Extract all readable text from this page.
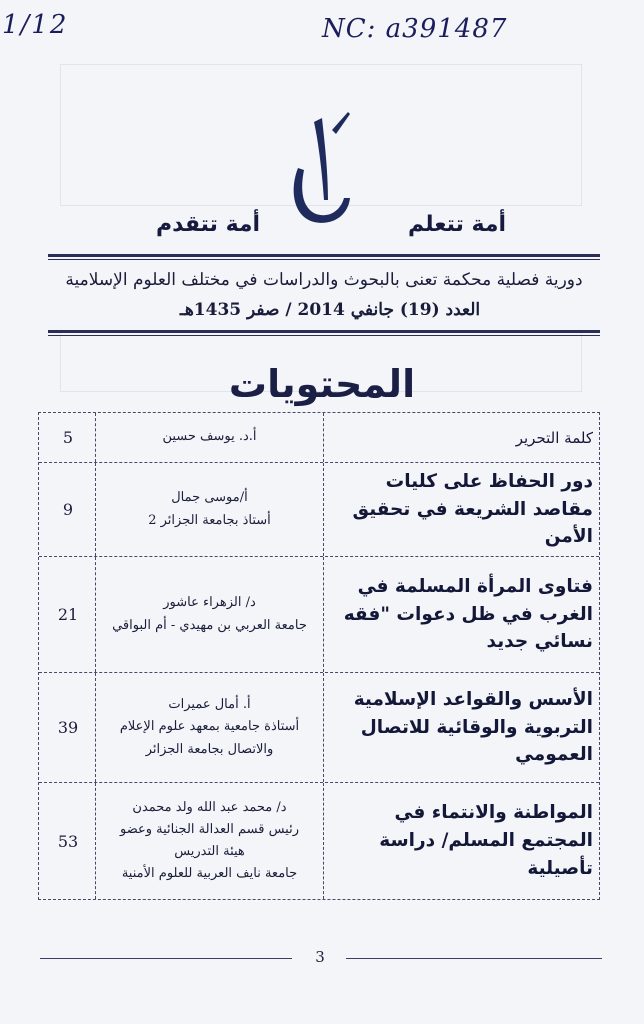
1/12	NC: a391487
أمة تتعلم
أمة تتقدم
دورية فصلية محكمة تعنى بالبحوث والدراسات في مختلف العلوم الإسلامية
العدد (19) جانفي 2014 / صفر 1435هـ
المحتويات
كلمة التحرير
أ.د. يوسف حسين
5
دور الحفاظ على كليات مقاصد الشريعة في تحقيق الأمن
أ/موسى جمال
أستاذ بجامعة الجزائر 2
9
فتاوى المرأة المسلمة في الغرب في ظل دعوات "فقه نسائي جديد
د/ الزهراء عاشور
جامعة العربي بن مهيدي - أم البواقي
21
الأسس والقواعد الإسلامية التربوية والوقائية للاتصال العمومي
أ. أمال عميرات
أستاذة جامعية بمعهد علوم الإعلام
والاتصال بجامعة الجزائر
39
المواطنة والانتماء في المجتمع المسلم/ دراسة تأصيلية
د/ محمد عبد الله ولد محمدن
رئيس قسم العدالة الجنائية وعضو
هيئة التدريس
جامعة نايف العربية للعلوم الأمنية
53
3
